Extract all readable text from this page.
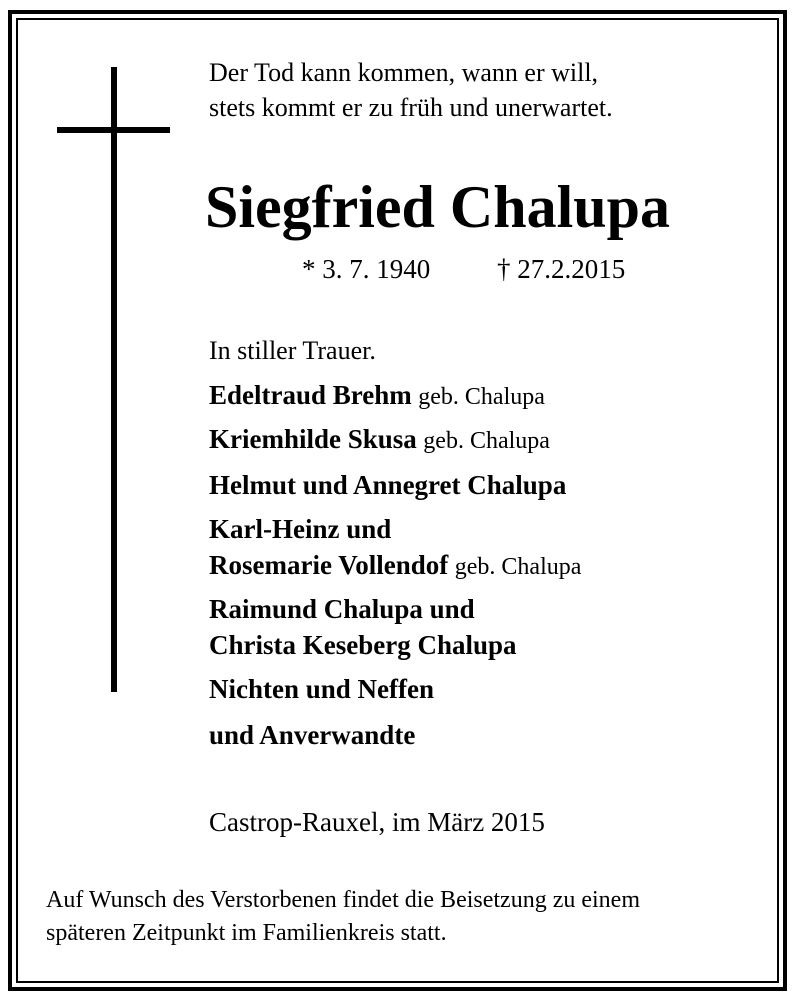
Der Tod kann kommen, wann er will,
stets kommt er zu früh und unerwartet.
Siegfried Chalupa
* 3. 7. 1940 † 27.2.2015
In stiller Trauer.
Edeltraud Brehm geb. Chalupa
Kriemhilde Skusa geb. Chalupa
Helmut und Annegret Chalupa
Karl-Heinz und
Rosemarie Vollendof geb. Chalupa
Raimund Chalupa und
Christa Keseberg Chalupa
Nichten und Neffen
und Anverwandte
Castrop-Rauxel, im März 2015
Auf Wunsch des Verstorbenen findet die Beisetzung zu einem
späteren Zeitpunkt im Familienkreis statt.
